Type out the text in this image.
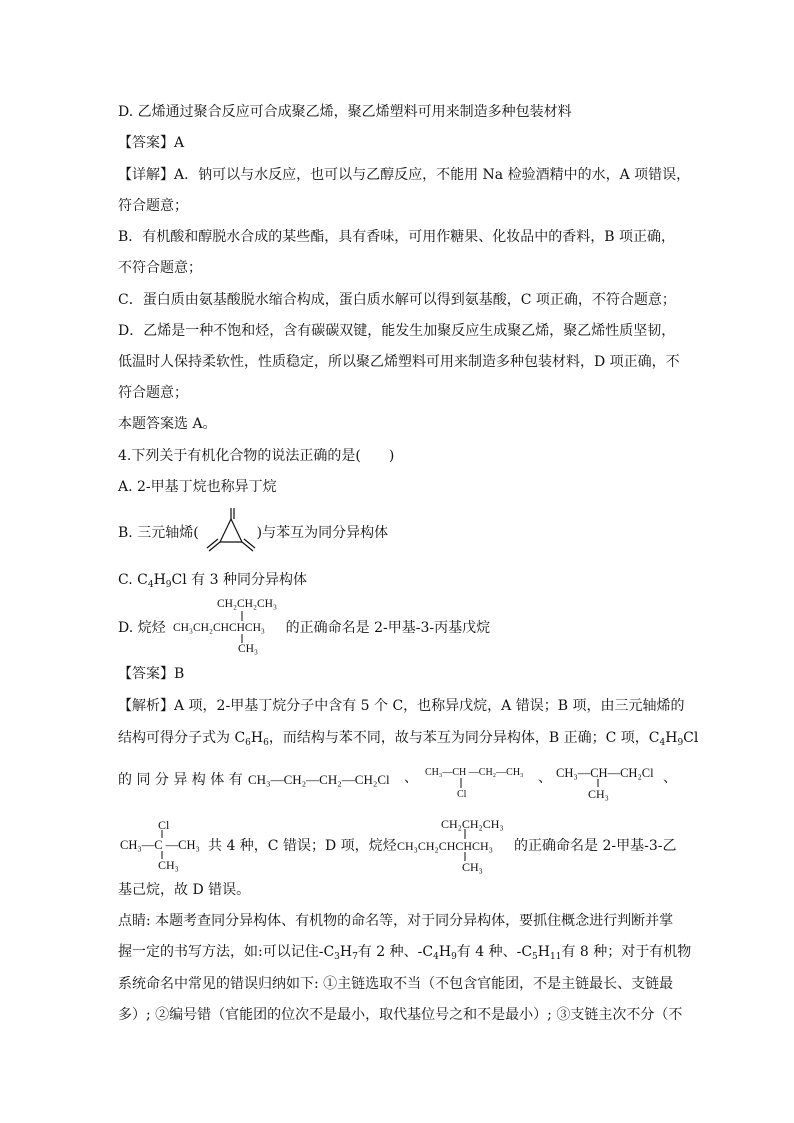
D. 乙烯通过聚合反应可合成聚乙烯，聚乙烯塑料可用来制造多种包装材料
【答案】A
【详解】A．钠可以与水反应，也可以与乙醇反应，不能用 Na 检验酒精中的水，A 项错误，
符合题意；
B．有机酸和醇脱水合成的某些酯，具有香味，可用作糖果、化妆品中的香料，B 项正确，
不符合题意；
C．蛋白质由氨基酸脱水缩合构成，蛋白质水解可以得到氨基酸，C 项正确，不符合题意；
D．乙烯是一种不饱和烃，含有碳碳双键，能发生加聚反应生成聚乙烯，聚乙烯性质坚韧，
低温时人保持柔软性，性质稳定，所以聚乙烯塑料可用来制造多种包装材料，D 项正确，不
符合题意；
本题答案选 A。
4.下列关于有机化合物的说法正确的是(　　)
A. 2-甲基丁烷也称异丁烷
B. 三元轴烯(	)与苯互为同分异构体
C. $C_4H_9Cl$ 有 3 种同分异构体
D. 烷烃	的正确命名是 2-甲基-3-丙基戊烷
CH₂CH₂CH₃
CH₃CH₂CHCHCH₃
CH₃
【答案】B
【解析】A 项，2-甲基丁烷分子中含有 5 个 C，也称异戊烷，A 错误；B 项，由三元轴烯的
结构可得分子式为 $C_6H_6$，而结构与苯不同，故与苯互为同分异构体，B 正确；C 项，$C_4H_9Cl$
的 同 分 异 构 体 有 CH₃—CH₂—CH₂—CH₂Cl 、 CH₃—CH —CH₂—CH₃
Cl
、 CH₃—CH—CH₂Cl
CH₃
、
Cl
CH₃—C —CH₃
CH₃
共 4 种，C 错误；D 项，烷烃
CH₂CH₂CH₃
CH₃CH₂CHCHCH₃
CH₃
的正确命名是 2-甲基-3-乙
基己烷，故 D 错误。
点睛: 本题考查同分异构体、有机物的命名等，对于同分异构体，要抓住概念进行判断并掌
握一定的书写方法，如:可以记住$-C_3H_7$有 2 种、$-C_4H_9$有 4 种、$-C_5H_{11}$有 8 种；对于有机物
系统命名中常见的错误归纳如下: ①主链选取不当（不包含官能团，不是主链最长、支链最
多）; ②编号错（官能团的位次不是最小，取代基位号之和不是最小）; ③支链主次不分（不
